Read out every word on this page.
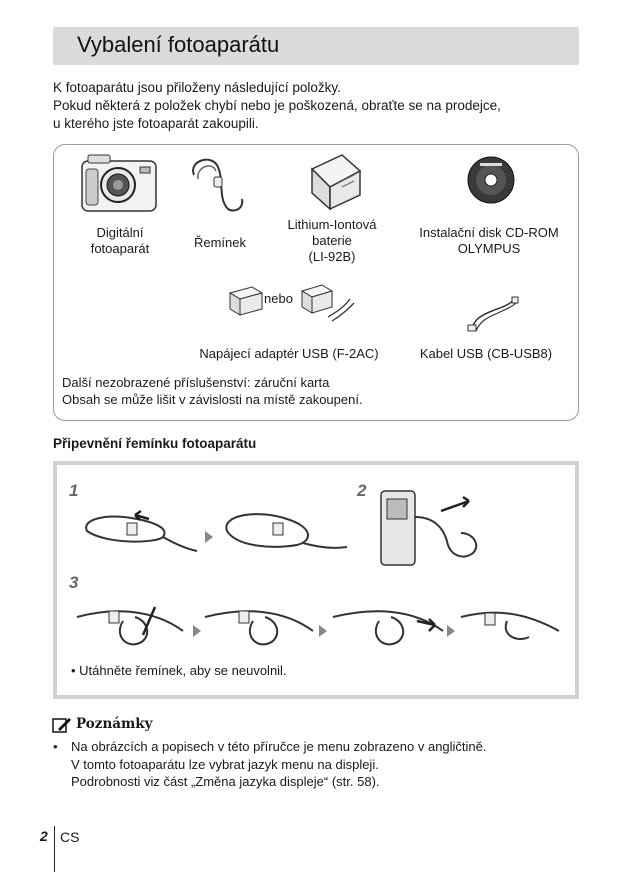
Vybalení fotoaparátu
K fotoaparátu jsou přiloženy následující položky.
Pokud některá z položek chybí nebo je poškozená, obraťte se na prodejce,
u kterého jste fotoaparát zakoupili.
Digitální
fotoaparát	Řemínek
Lithium-Iontová
baterie
(LI-92B)
Instalační disk CD-ROM
OLYMPUS
nebo
Napájecí adaptér USB (F-2AC)	Kabel USB (CB-USB8)
Další nezobrazené příslušenství: záruční karta
Obsah se může lišit v závislosti na místě zakoupení.
Připevnění řemínku fotoaparátu
1	2
3
• Utáhněte řemínek, aby se neuvolnil.
Poznámky
• Na obrázcích a popisech v této příručce je menu zobrazeno v angličtině.
V tomto fotoaparátu lze vybrat jazyk menu na displeji.
Podrobnosti viz část „Změna jazyka displeje“ (str. 58).
2 CS
